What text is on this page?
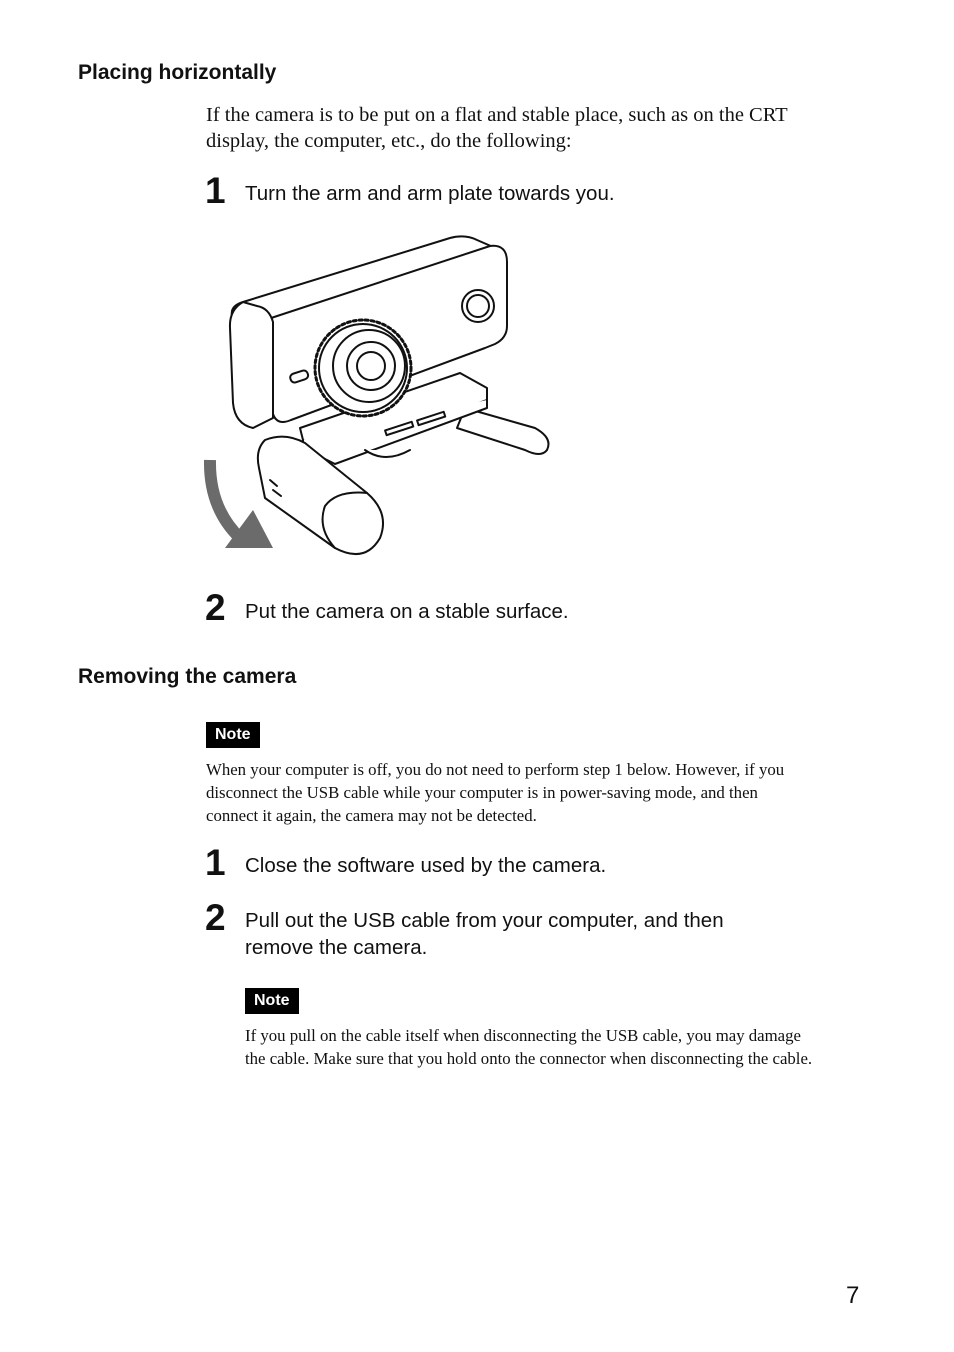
Placing horizontally
If the camera is to be put on a flat and stable place, such as on the CRT
display, the computer, etc., do the following:
1 Turn the arm and arm plate towards you.
2 Put the camera on a stable surface.
Removing the camera
Note
When your computer is off, you do not need to perform step 1 below. However, if you
disconnect the USB cable while your computer is in power-saving mode, and then
connect it again, the camera may not be detected.
1 Close the software used by the camera.
2 Pull out the USB cable from your computer, and then
remove the camera.
Note
If you pull on the cable itself when disconnecting the USB cable, you may damage
the cable. Make sure that you hold onto the connector when disconnecting the cable.
7
